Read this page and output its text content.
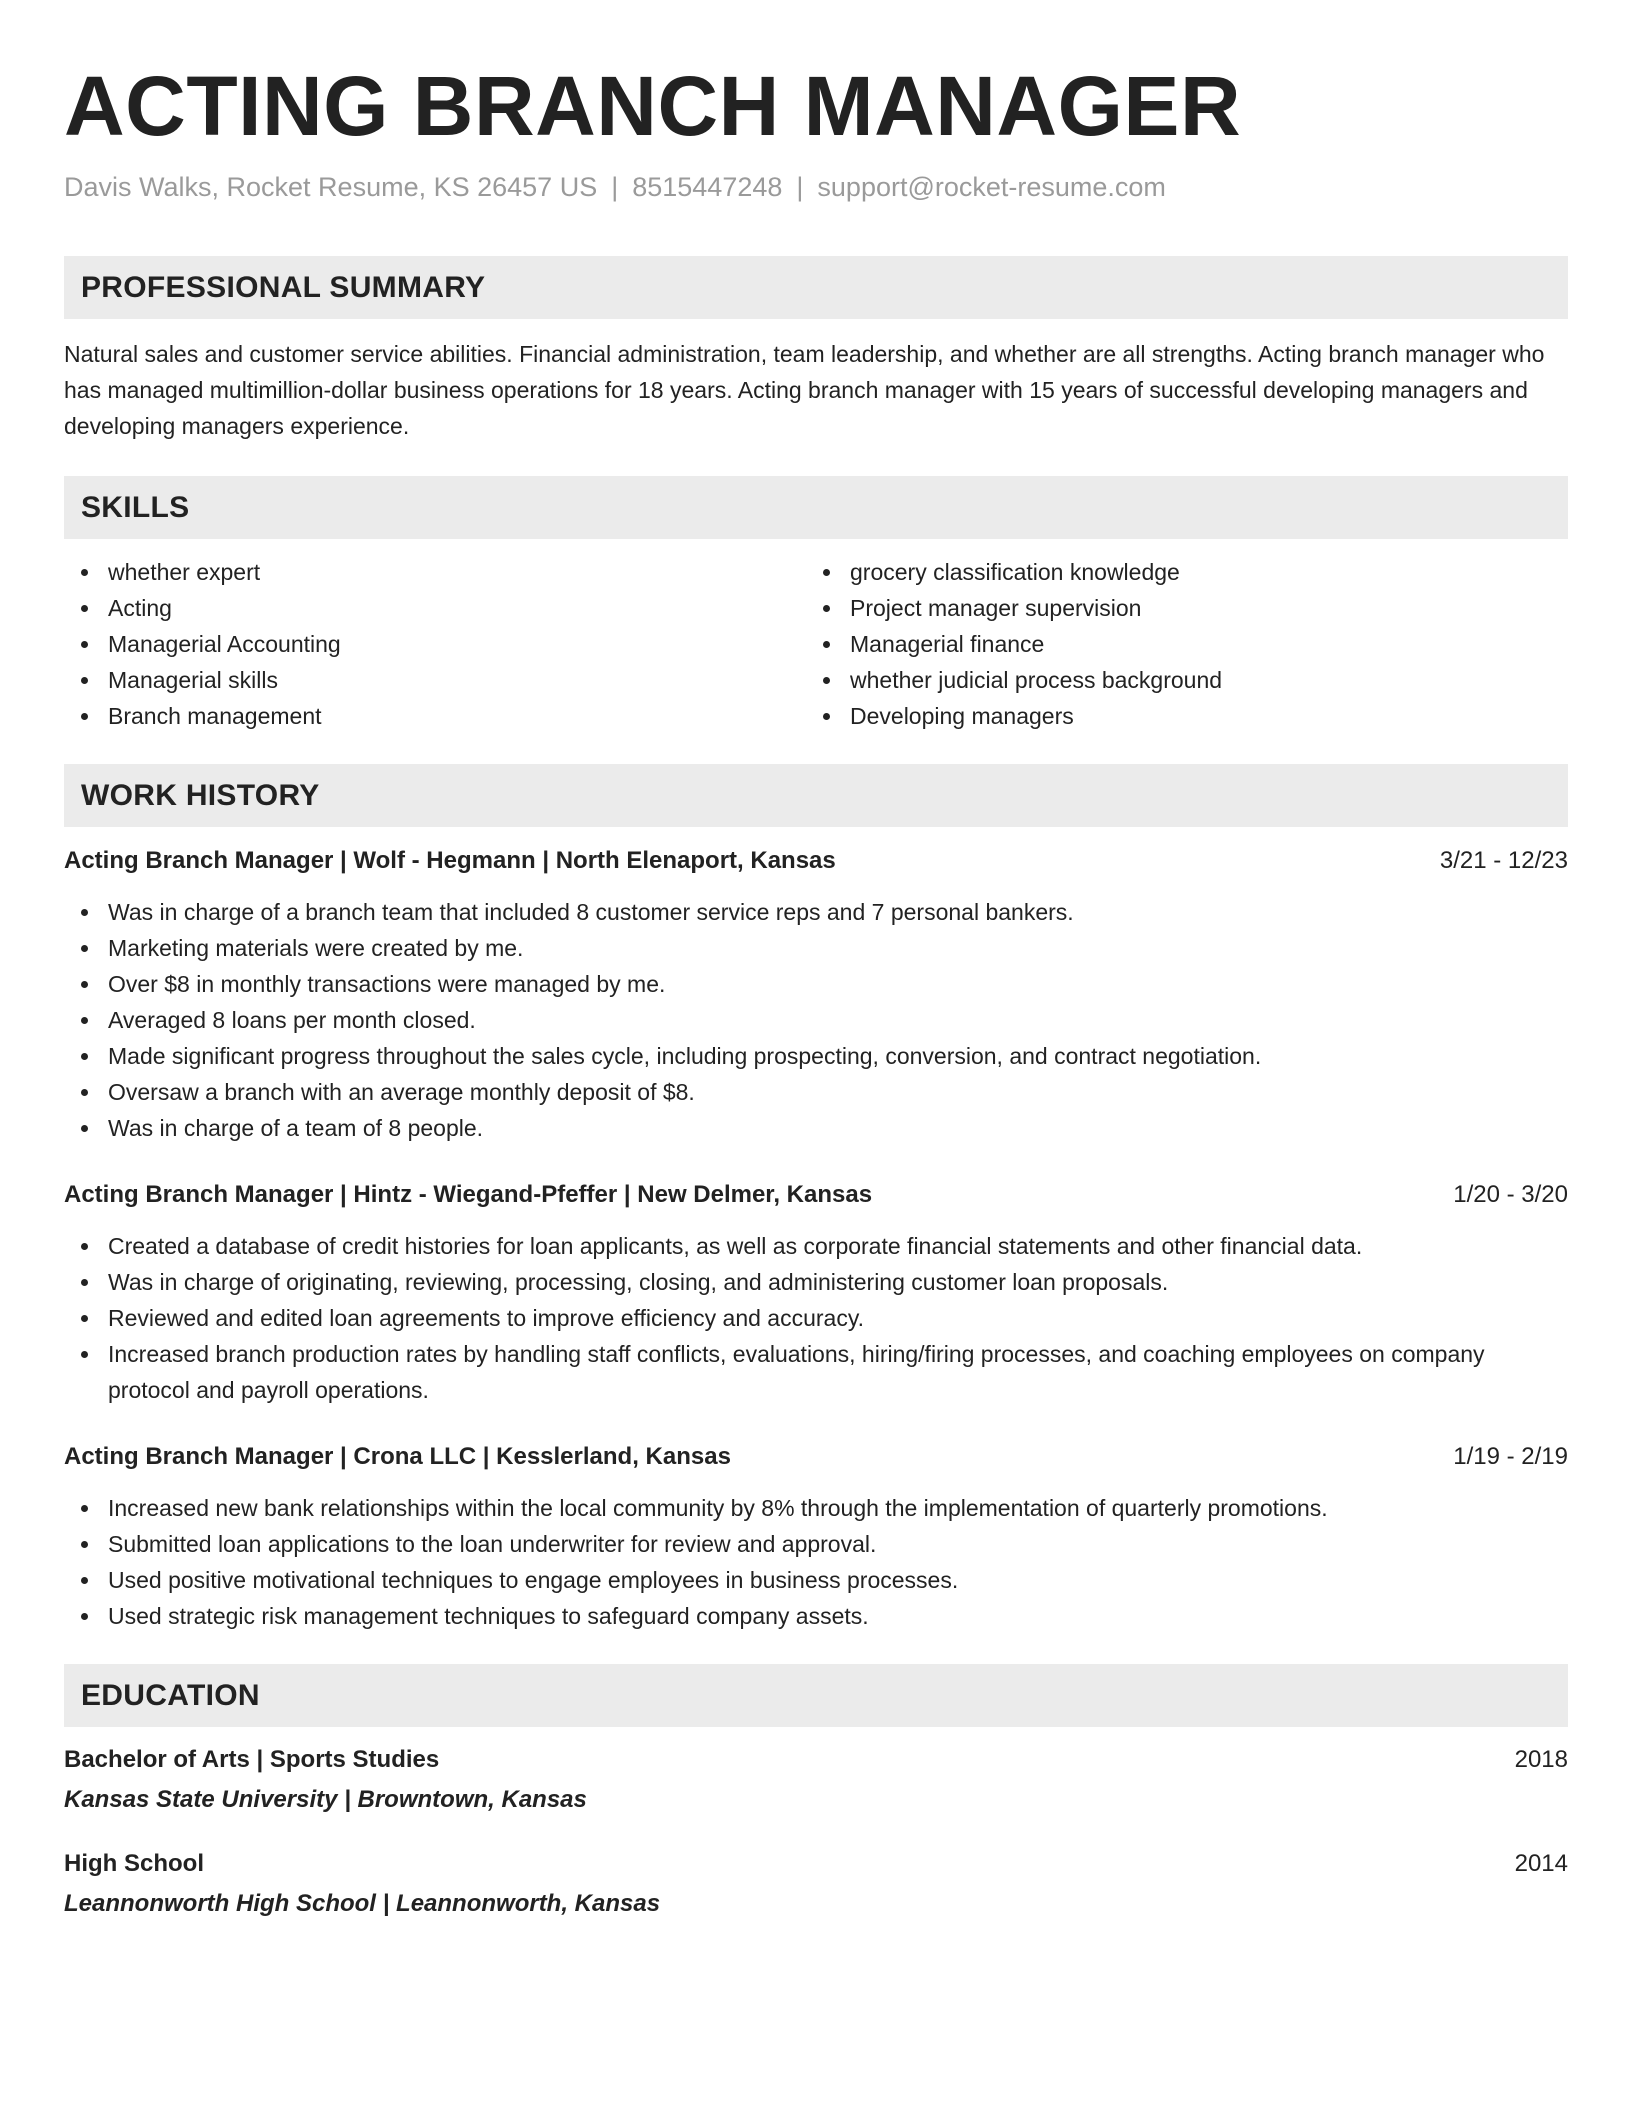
ACTING BRANCH MANAGER
Davis Walks, Rocket Resume, KS 26457 US | 8515447248 | support@rocket-resume.com
PROFESSIONAL SUMMARY
Natural sales and customer service abilities. Financial administration, team leadership, and whether are all strengths. Acting branch manager who has managed multimillion-dollar business operations for 18 years. Acting branch manager with 15 years of successful developing managers and developing managers experience.
SKILLS
whether expert
Acting
Managerial Accounting
Managerial skills
Branch management
grocery classification knowledge
Project manager supervision
Managerial finance
whether judicial process background
Developing managers
WORK HISTORY
Acting Branch Manager | Wolf - Hegmann | North Elenaport, Kansas	3/21 - 12/23
Was in charge of a branch team that included 8 customer service reps and 7 personal bankers.
Marketing materials were created by me.
Over $8 in monthly transactions were managed by me.
Averaged 8 loans per month closed.
Made significant progress throughout the sales cycle, including prospecting, conversion, and contract negotiation.
Oversaw a branch with an average monthly deposit of $8.
Was in charge of a team of 8 people.
Acting Branch Manager | Hintz - Wiegand-Pfeffer | New Delmer, Kansas	1/20 - 3/20
Created a database of credit histories for loan applicants, as well as corporate financial statements and other financial data.
Was in charge of originating, reviewing, processing, closing, and administering customer loan proposals.
Reviewed and edited loan agreements to improve efficiency and accuracy.
Increased branch production rates by handling staff conflicts, evaluations, hiring/firing processes, and coaching employees on company protocol and payroll operations.
Acting Branch Manager | Crona LLC | Kesslerland, Kansas	1/19 - 2/19
Increased new bank relationships within the local community by 8% through the implementation of quarterly promotions.
Submitted loan applications to the loan underwriter for review and approval.
Used positive motivational techniques to engage employees in business processes.
Used strategic risk management techniques to safeguard company assets.
EDUCATION
Bachelor of Arts | Sports Studies	2018
Kansas State University | Browntown, Kansas
High School	2014
Leannonworth High School | Leannonworth, Kansas
